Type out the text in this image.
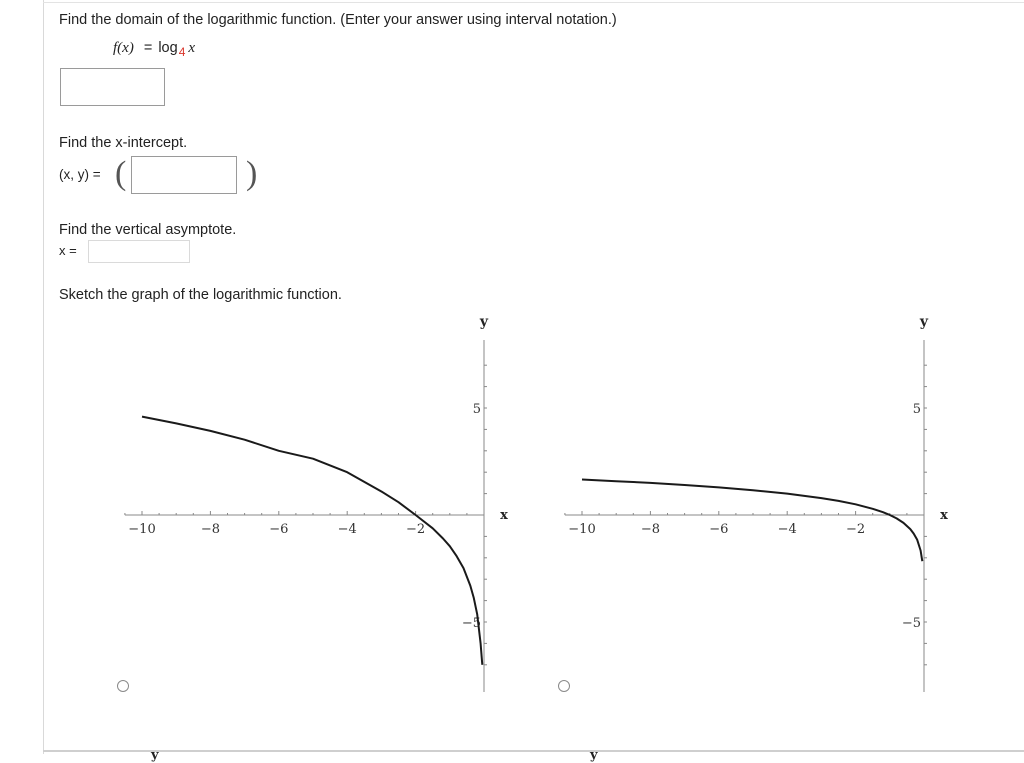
Find the domain of the logarithmic function. (Enter your answer using interval notation.)
$f(x) = \log_4 x$
Find the x-intercept.
(x, y) = (	)
Find the vertical asymptote.
x =
Sketch the graph of the logarithmic function.
−10	−8	−6	−4	−2
−5
5
x
y
−10	−8	−6	−4	−2
−5
5
x
y
y	y
